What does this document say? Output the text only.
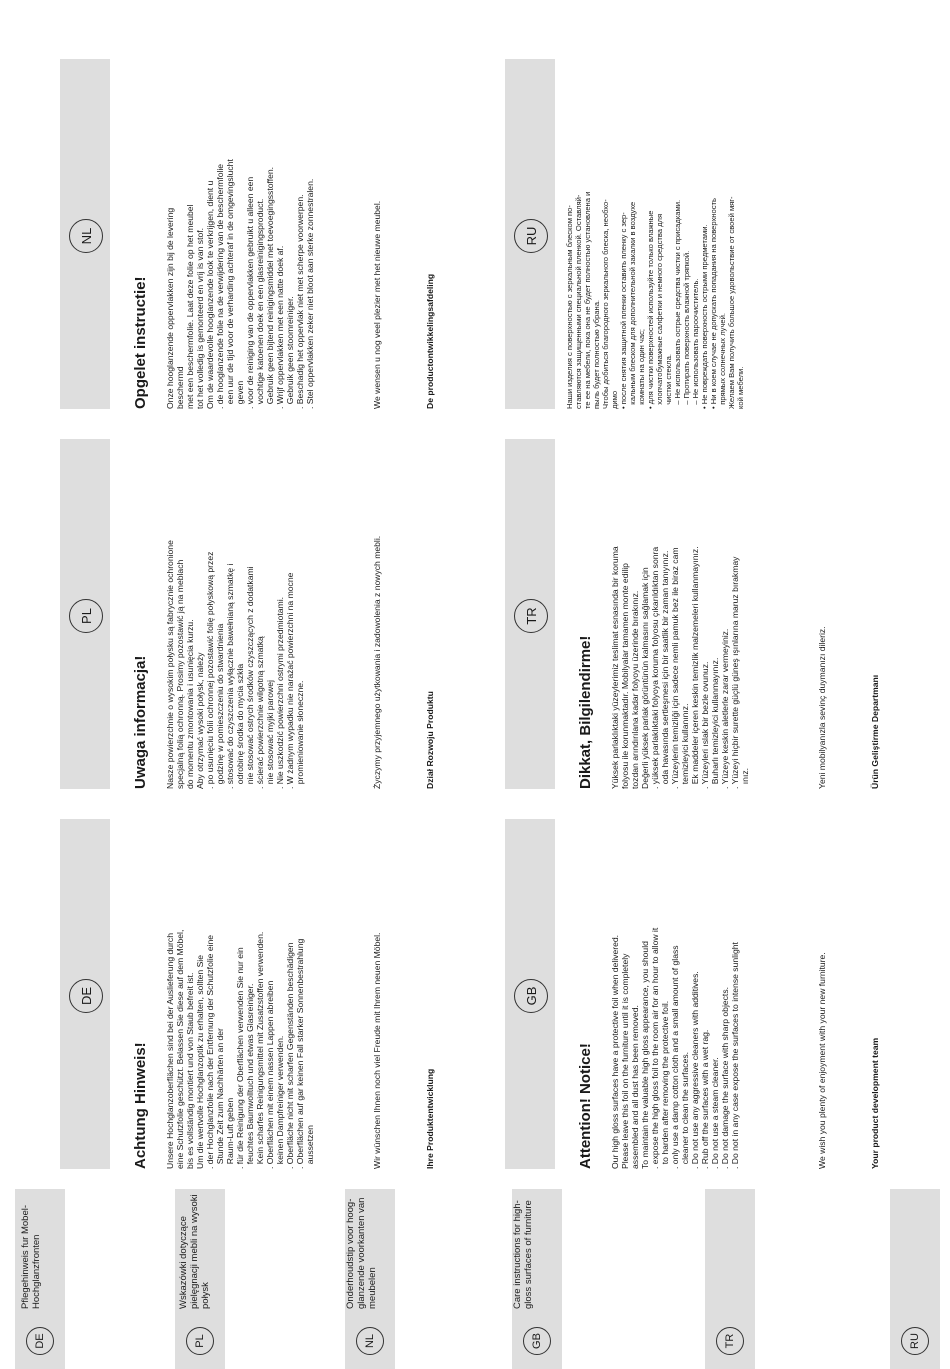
DE
Pflegehinweis fur Mobel-Hochglanzfronten
PL
Wskazówki dotyczące pielęgnacji mebli na wysoki połysk
NL
Onderhoudstip voor hoog- glanzende voorkanten van meubelen
GB
Care instructions for high- gloss surfaces of furniture
TR	RU
DE
Achtung Hinweis! Unsere Hochglanzoberflächen sind bei der Auslieferung durch eine Schutzfolie geschützt. Belassen Sie diese auf dem Möbel, bis es vollständig montiert und von Staub befreit ist. Um die wertvolle Hochglanzoptik zu erhalten, sollten Sie . der Hochglanzfolie nach der Entfernung der Schutzfolie eine Stunde Zeit zum Nachhärten an der Raum-Luft geben . für die Reinigung der Oberflächen verwenden Sie nur ein feuchtes Baumwolltuch und etwas Glasreiniger. Kein scharfes Reinigungsmittel mit Zusatzstoffen verwenden. . Oberflächen mit einem nassen Lappen abreiben keinen Dampfreiniger verwenden. . Oberfläche nicht mit scharfen Gegenständen beschädigen . Oberflächen auf gar keinen Fall starker Sonnenbestrahlung aussetzen	Wir wünschen Ihnen noch viel Freude mit Ihrem neuen Möbel.	Ihre Produktentwicklung
PL
Uwaga informacja! Nasze powierzchnie o wysokim połysku są fabrycznie ochronione specjalną folią ochronną. Prosimy pozostawić ją na meblach do momentu zmontowania i usunięcia kurzu. Aby otrzymać wysoki połysk, należy . po usunięciu folii ochronnej pozostawić folię połyskową przez godzinę w pomieszczeniu do stwardnienia . stosować do czyszczenia wyłącznie bawełnianą szmatkę i odrobinę środka do mycia szkła nie stosować ostrych środków czyszczących z dodatkami . ścierać powierzchnie wilgotną szmatką nie stosować myjki parowej . Nie uszkodzić powierzchni ostrymi przedmiotami. . W żadnym wypadku nie narażać powierzchni na mocne promieniowanie słoneczne.	Życzymy przyjemnego użytkowania i zadowolenia z nowych mebli.	Dział Rozwoju Produktu
NL
Opgelet instructie! Onze hooglanzende oppervlakken zijn bij de levering beschermd met een beschermfolie. Laat deze folie op het meubel tot het volledig is gemonteerd en vrij is van stof. Om de waardevolle hooglanzende look te verkrijgen, dient u . de hooglanzende folie na de verwijdering van de beschermfolie een uur de tijd voor de verharding achteraf in de omgevingslucht geven . voor de reiniging van de oppervlakken gebruikt u alleen een vochtige katoenen doek en een glasreinigingsproduct. Gebruik geen bijtend reinigingsmiddel met toevoegingsstoffen. . Wrijf oppervlakken met een natte doek af. Gebruik geen stoomreiniger. . Beschadig het oppervlak niet met scherpe voorwerpen. . Stel oppervlakken zeker niet bloot aan sterke zonnestralen.	We wensen u nog veel plezier met het nieuwe meubel.	De productontwikkelingsafdeling
GB
Attention! Notice! Our high gloss surfaces have a protective foil when delivered. Please leave this foil on the furniture until it is completely assembled and all dust has been removed. To maintain the valuable high gloss appearance, you should . expose the high gloss foil to the room air for an hour to allow it to harden after removing the protective foil. . only use a damp cotton cloth and a small amount of glass cleaner to clean the surfaces. . Do not use any aggressive cleaners with additives. . Rub off the surfaces with a wet rag. . Do not use a steam cleaner. . Do not damage the surface with sharp objects. . Do not in any case expose the surfaces to intense sunlight	We wish you plenty of enjoyment with your new furniture.	Your product development team
TR
Dikkat, Bilgilendirme! Yüksek parlaklıktaki yüzeylerimiz teslimat esnasında bir koruma folyosu ile korunmaktadır. Mobilyalar tamamen monte edilip tozdan arındırılana kadar folyoyu üzerinde bırakınız. Değerli yüksek parlak görüntünün kalmasını sağlamak için . yüksek parlaklıktaki folyoya koruma folyosu çıkarıldıktan sonra oda havasında sertleşmesi için bir saatlik bir zaman tanıyınız. . Yüzeylerin temizliği için sadece nemli pamuk bez ile biraz cam temizleyici kullanınız. Ek maddeler içeren keskin temizlik malzemeleri kullanmayınız. . Yüzeyleri ıslak bir bezle ovunuz. Buharlı temizleyici kullanmayınız. . Yüzeye keskin aletlerle zarar vermeyiniz. . Yüzeyi hiçbir surette güçlü güneş ışınlarına maruz bırakmay ınız.	Yeni mobilyanızla sevinç duymanızı dileriz.	Ürün Geliştirme Departmanı
RU	Наши изделия с поверхностью с зеркальным блеском по- ставляются защищенными специальной пленкой. Оставляй- те ее на мебели, пока она не будет полностью установлена и пыль будет полностью убрана. Чтобы добиться благородного зеркального блеска, необхо- димо • после снятия защитной пленки оставить пленку с зер- кальным блеском для дополнительной закалки в воздухе комнаты на один час; • для чистки поверхностей используйте только влажные хлопчатобумажные салфетки и немного средства для чистки стекла. – Не использовать острые средства чистки с присадками. – Протирать поверхность влажной тряпкой. – Не использовать пароочиститель. • Не повреждать поверхность острыми предметами. • Ни в коем случае не допускать попадания на поверхность прямых солнечных лучей. Желаем Вам получить большое удовольствие от своей мяг- кой мебели.
